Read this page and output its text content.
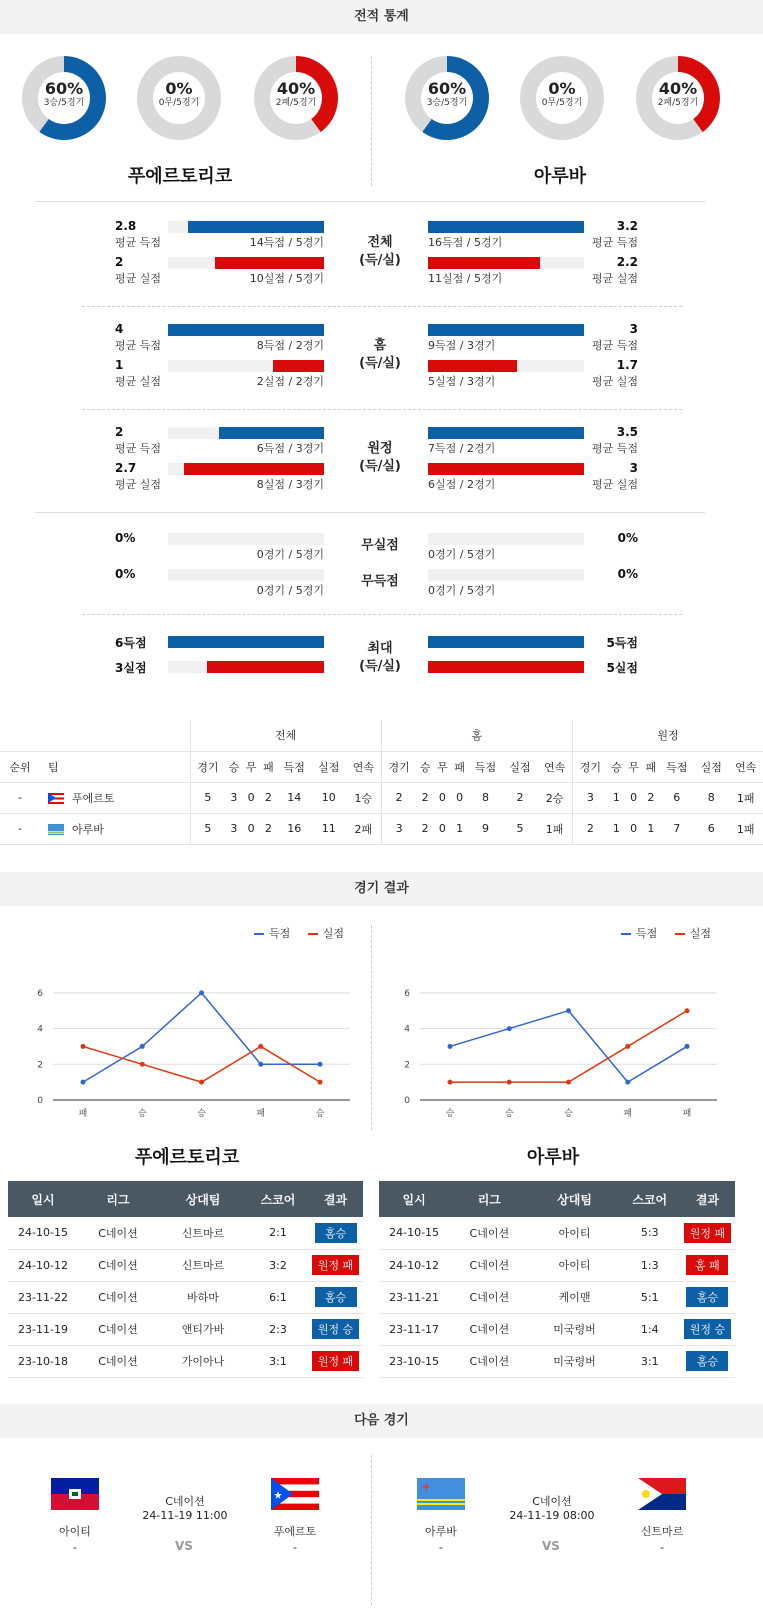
전적 통계
60%
3승/5경기
0%
0무/5경기
40%
2패/5경기
60%
3승/5경기
0%
0무/5경기
40%
2패/5경기
푸에르토리코	아루바
2.8
평균 득점	14득점 / 5경기	16득점 / 5경기
3.2
평균 득점
2
평균 실점	10실점 / 5경기	11실점 / 5경기
2.2
평균 실점
전체
(득/실)
4
평균 득점	8득점 / 2경기	9득점 / 3경기
3
평균 득점
1
평균 실점	2실점 / 2경기	5실점 / 3경기
1.7
평균 실점
홈
(득/실)
2
평균 득점	6득점 / 3경기	7득점 / 2경기
3.5
평균 득점
2.7
평균 실점	8실점 / 3경기	6실점 / 2경기
3
평균 실점
원정
(득/실)
0%
0경기 / 5경기
무실점
0경기 / 5경기
0%
0%
0경기 / 5경기
무득점
0경기 / 5경기
0%
6득점	5득점
3실점	5실점
최대
(득/실)
		전체							홈							원정						
순위	팀	경기	승	무	패	득점	실점	연속	경기	승	무	패	득점	실점	연속	경기	승	무	패	득점	실점	연속
-	푸에르토	5	3	0	2	14	10	1승	2	2	0	0	8	2	2승	3	1	0	2	6	8	1패
-	아루바	5	3	0	2	16	11	2패	3	2	0	1	9	5	1패	2	1	0	1	7	6	1패
경기 결과
득점	실점	득점	실점
0
2
4
6
패	승	승	패	승
0
2
4
6
승	승	승	패	패
푸에르토리코	아루바
일시	리그	상대팀	스코어	결과
24-10-15	C네이션	신트마르	2:1	홈승
24-10-12	C네이션	신트마르	3:2	원정 패
23-11-22	C네이션	바하마	6:1	홈승
23-11-19	C네이션	앤티가바	2:3	원정 승
23-10-18	C네이션	가이아나	3:1	원정 패
일시	리그	상대팀	스코어	결과
24-10-15	C네이션	아이티	5:3	원정 패
24-10-12	C네이션	아이티	1:3	홈 패
23-11-21	C네이션	케이맨	5:1	홈승
23-11-17	C네이션	미국령버	1:4	원정 승
23-10-15	C네이션	미국령버	3:1	홈승
다음 경기
아이티
-
C네이션
24-11-19 11:00
VS
푸에르토
-
아루바
-
C네이션
24-11-19 08:00
VS
신트마르
-
